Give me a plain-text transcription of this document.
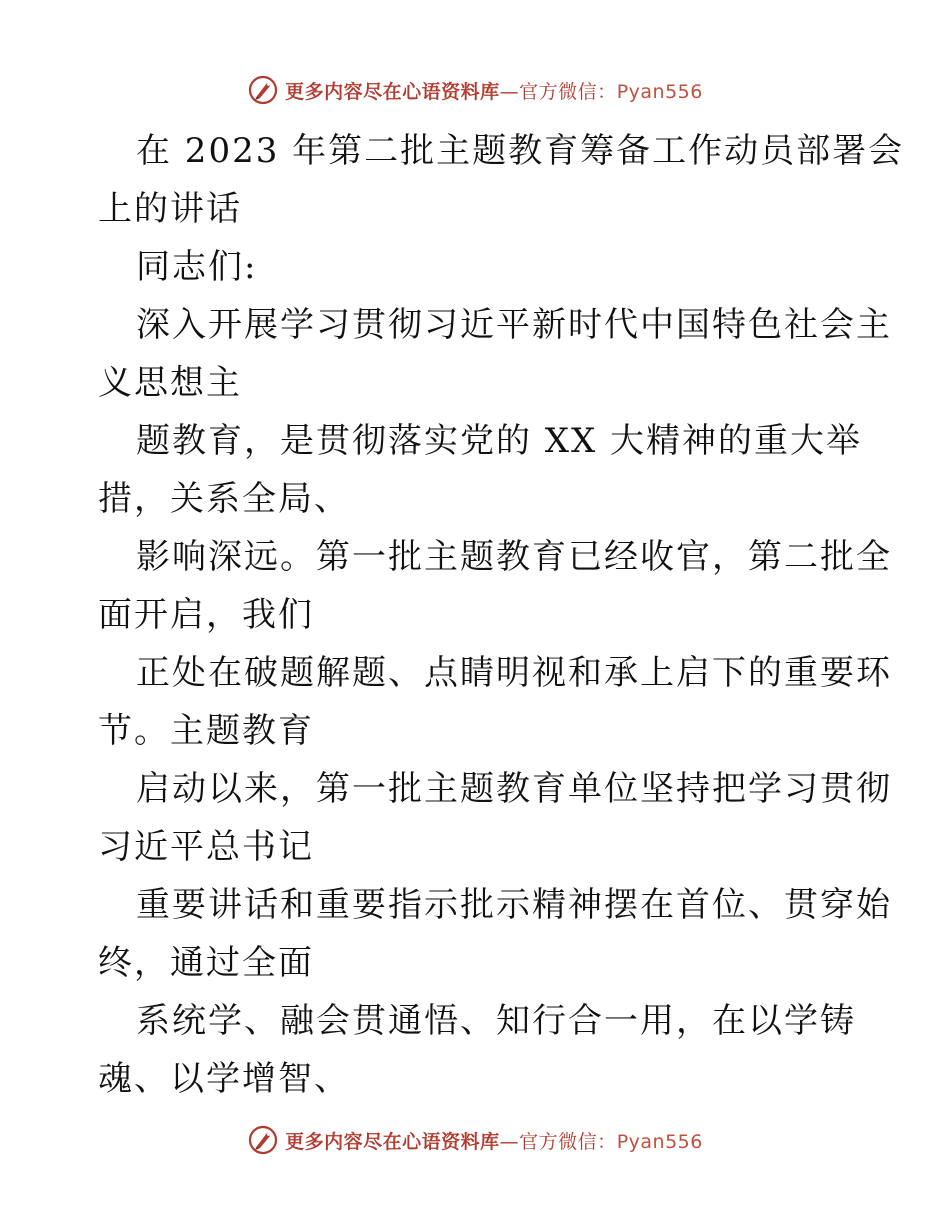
更多内容尽在心语资料库—官方微信：Pyan556
在 2023 年第二批主题教育筹备工作动员部署会
上的讲话
同志们:
深入开展学习贯彻习近平新时代中国特色社会主
义思想主
题教育，是贯彻落实党的 XX 大精神的重大举
措，关系全局、
影响深远。第一批主题教育已经收官，第二批全
面开启，我们
正处在破题解题、点睛明视和承上启下的重要环
节。主题教育
启动以来，第一批主题教育单位坚持把学习贯彻
习近平总书记
重要讲话和重要指示批示精神摆在首位、贯穿始
终，通过全面
系统学、融会贯通悟、知行合一用，在以学铸
魂、以学增智、
更多内容尽在心语资料库—官方微信：Pyan556
